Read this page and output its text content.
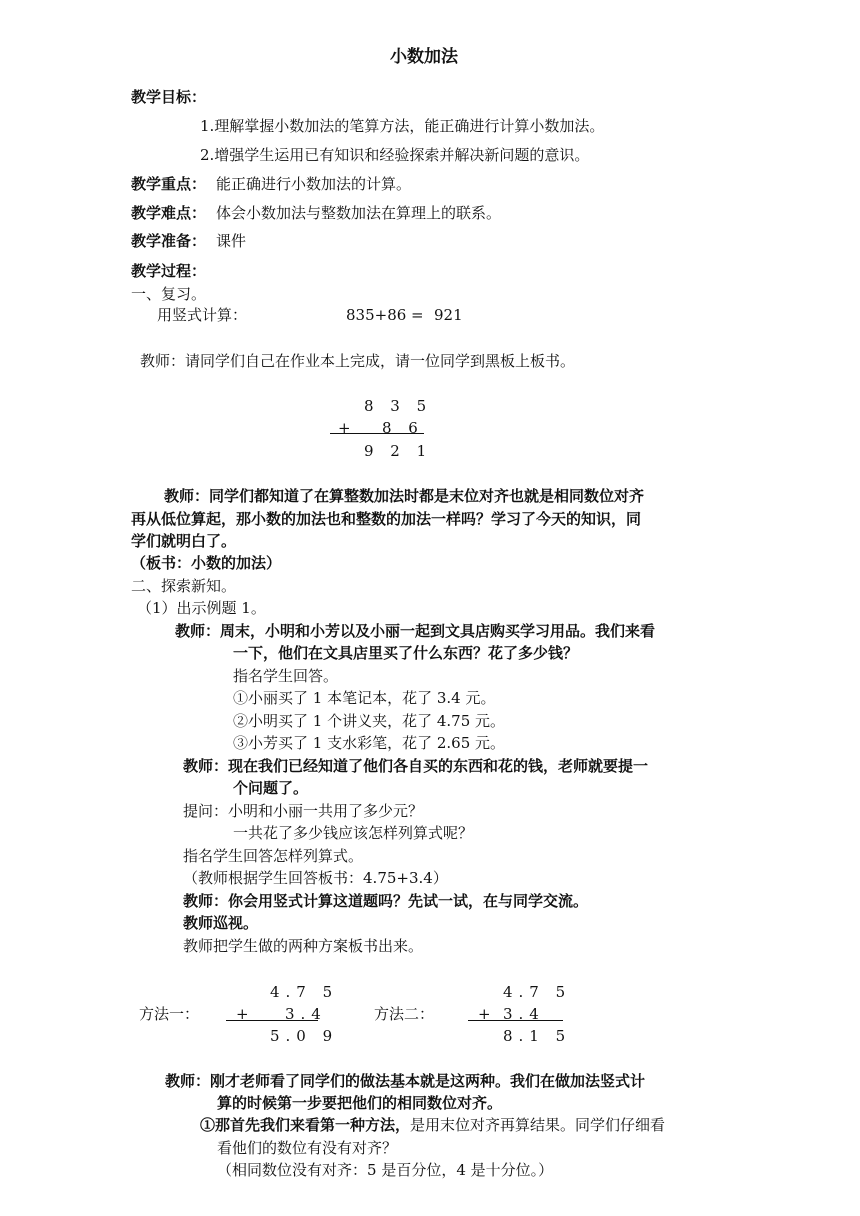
小数加法
教学目标：
1.理解掌握小数加法的笔算方法，能正确进行计算小数加法。
2.增强学生运用已有知识和经验探索并解决新问题的意识。
教学重点： 能正确进行小数加法的计算。
教学难点： 体会小数加法与整数加法在算理上的联系。
教学准备： 课件
教学过程：
一、复习。
用竖式计算：	835+86 = 921
教师：请同学们自己在作业本上完成，请一位同学到黑板上板书。
8 3 5
+ 8 6
9 2 1
教师：同学们都知道了在算整数加法时都是末位对齐也就是相同数位对齐
再从低位算起，那小数的加法也和整数的加法一样吗？学习了今天的知识，同
学们就明白了。
（板书：小数的加法）
二、探索新知。
（1）出示例题 1。
教师：周末，小明和小芳以及小丽一起到文具店购买学习用品。我们来看
一下，他们在文具店里买了什么东西？花了多少钱？
指名学生回答。
①小丽买了 1 本笔记本，花了 3.4 元。
②小明买了 1 个讲义夹，花了 4.75 元。
③小芳买了 1 支水彩笔，花了 2.65 元。
教师：现在我们已经知道了他们各自买的东西和花的钱，老师就要提一
个问题了。
提问：小明和小丽一共用了多少元？
一共花了多少钱应该怎样列算式呢？
指名学生回答怎样列算式。
（教师根据学生回答板书：4.75+3.4）
教师：你会用竖式计算这道题吗？先试一试，在与同学交流。
教师巡视。
教师把学生做的两种方案板书出来。
4.7 5
方法一： + 3.4
5.0 9
4.7 5
方法二：	+ 3.4
8.1 5
教师：刚才老师看了同学们的做法基本就是这两种。我们在做加法竖式计
算的时候第一步要把他们的相同数位对齐。
①那首先我们来看第一种方法，是用末位对齐再算结果。同学们仔细看
看他们的数位有没有对齐？
（相同数位没有对齐：5 是百分位，4 是十分位。）
